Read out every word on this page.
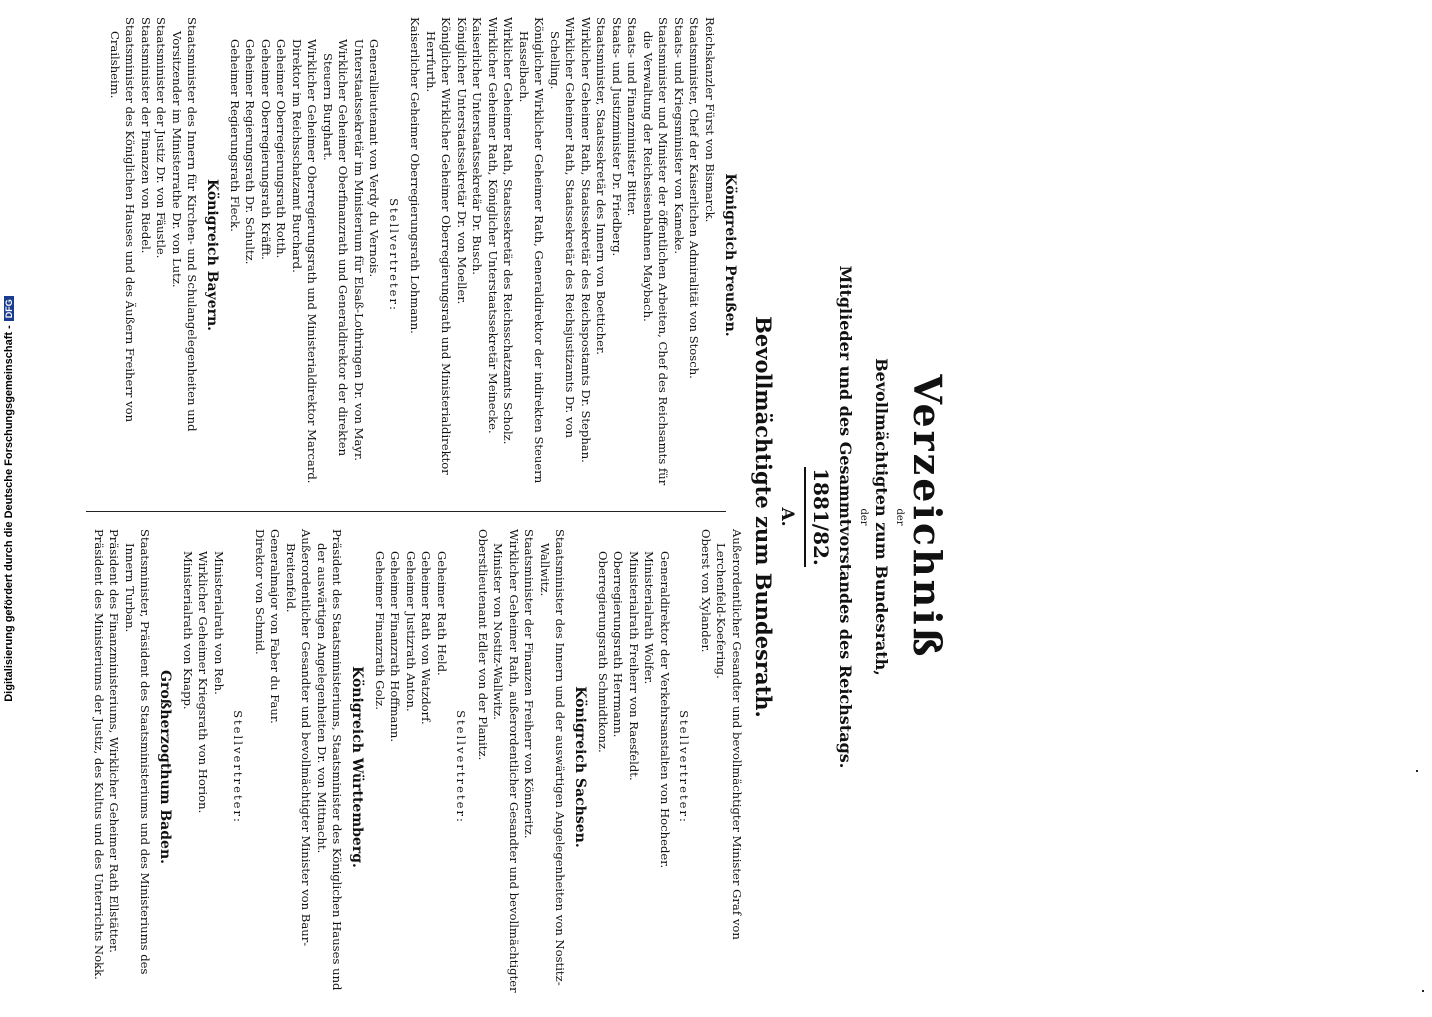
Digitalisierung gefördert durch die Deutsche Forschungsgemeinschaft -DFG
Verzeichniß
der
Bevollmächtigten zum Bundesrath,
der
Mitglieder und des Gesammtvorstandes des Reichstags.
1881/82.
A.
Bevollmächtigte zum Bundesrath.
Königreich Preußen.
Reichskanzler Fürst von Bismarck.
Staatsminister, Chef der Kaiserlichen Admiralität von Stosch.
Staats- und Kriegsminister von Kameke.
Staatsminister und Minister der öffentlichen Arbeiten, Chef des Reichsamts für die Verwaltung der Reichseisenbahnen Maybach.
Staats- und Finanzminister Bitter.
Staats- und Justizminister Dr. Friedberg.
Staatsminister, Staatssekretär des Innern von Boetticher.
Wirklicher Geheimer Rath, Staatssekretär des Reichspostamts Dr. Stephan.
Wirklicher Geheimer Rath, Staatssekretär des Reichsjustizamts Dr. von Schelling.
Königlicher Wirklicher Geheimer Rath, Generaldirektor der indirekten Steuern Hasselbach.
Wirklicher Geheimer Rath, Staatssekretär des Reichsschatzamts Scholz.
Wirklicher Geheimer Rath, Königlicher Unterstaatssekretär Meinecke.
Kaiserlicher Unterstaatssekretär Dr. Busch.
Königlicher Unterstaatssekretär Dr. von Moeller.
Königlicher Wirklicher Geheimer Oberregierungsrath und Ministerialdirektor Herrfurth.
Kaiserlicher Geheimer Oberregierungsrath Lohmann.
Stellvertreter:
Generallieutenant von Verdy du Vernois.
Unterstaatssekretär im Ministerium für Elsaß-Lothringen Dr. von Mayr.
Wirklicher Geheimer Oberfinanzrath und Generaldirektor der direkten Steuern Burghart.
Wirklicher Geheimer Oberregierungsrath und Ministerialdirektor Marcard.
Direktor im Reichsschatzamt Burchard.
Geheimer Oberregierungsrath Rotth.
Geheimer Oberregierungsrath Kräfft.
Geheimer Regierungsrath Dr. Schultz.
Geheimer Regierungsrath Fleck.
Königreich Bayern.
Staatsminister des Innern für Kirchen- und Schulangelegenheiten und Vorsitzender im Ministerrathe Dr. von Lutz.
Staatsminister der Justiz Dr. von Fäustle.
Staatsminister der Finanzen von Riedel.
Staatsminister des Königlichen Hauses und des Äußern Freiherr von Crailsheim.
Außerordentlicher Gesandter und bevollmächtigter Minister Graf von Lerchenfeld-Koefering.
Oberst von Xylander.
Stellvertreter:
Generaldirektor der Verkehrsanstalten von Hocheder.
Ministerialrath Wolfer.
Ministerialrath Freiherr von Raesfeldt.
Oberregierungsrath Herrmann.
Oberregierungsrath Schmidtkonz.
Königreich Sachsen.
Staatsminister des Innern und der auswärtigen Angelegenheiten von Nostitz-Wallwitz.
Staatsminister der Finanzen Freiherr von Könneritz.
Wirklicher Geheimer Rath, außerordentlicher Gesandter und bevollmächtigter Minister von Nostitz-Wallwitz.
Oberstlieutenant Edler von der Planitz.
Stellvertreter:
Geheimer Rath Held.
Geheimer Rath von Watzdorf.
Geheimer Justizrath Anton.
Geheimer Finanzrath Hoffmann.
Geheimer Finanzrath Golz.
Königreich Württemberg.
Präsident des Staatsministeriums, Staatsminister des Königlichen Hauses und der auswärtigen Angelegenheiten Dr. von Mittnacht.
Außerordentlicher Gesandter und bevollmächtigter Minister von Baur-Breitenfeld.
Generalmajor von Faber du Faur.
Direktor von Schmid.
Stellvertreter:
Ministerialrath von Reh.
Wirklicher Geheimer Kriegsrath von Horion.
Ministerialrath von Knapp.
Großherzogthum Baden.
Staatsminister, Präsident des Staatsministeriums und des Ministeriums des Innern Turban.
Präsident des Finanzministeriums, Wirklicher Geheimer Rath Ellstätter.
Präsident des Ministeriums der Justiz, des Kultus und des Unterrichts Nokk.
